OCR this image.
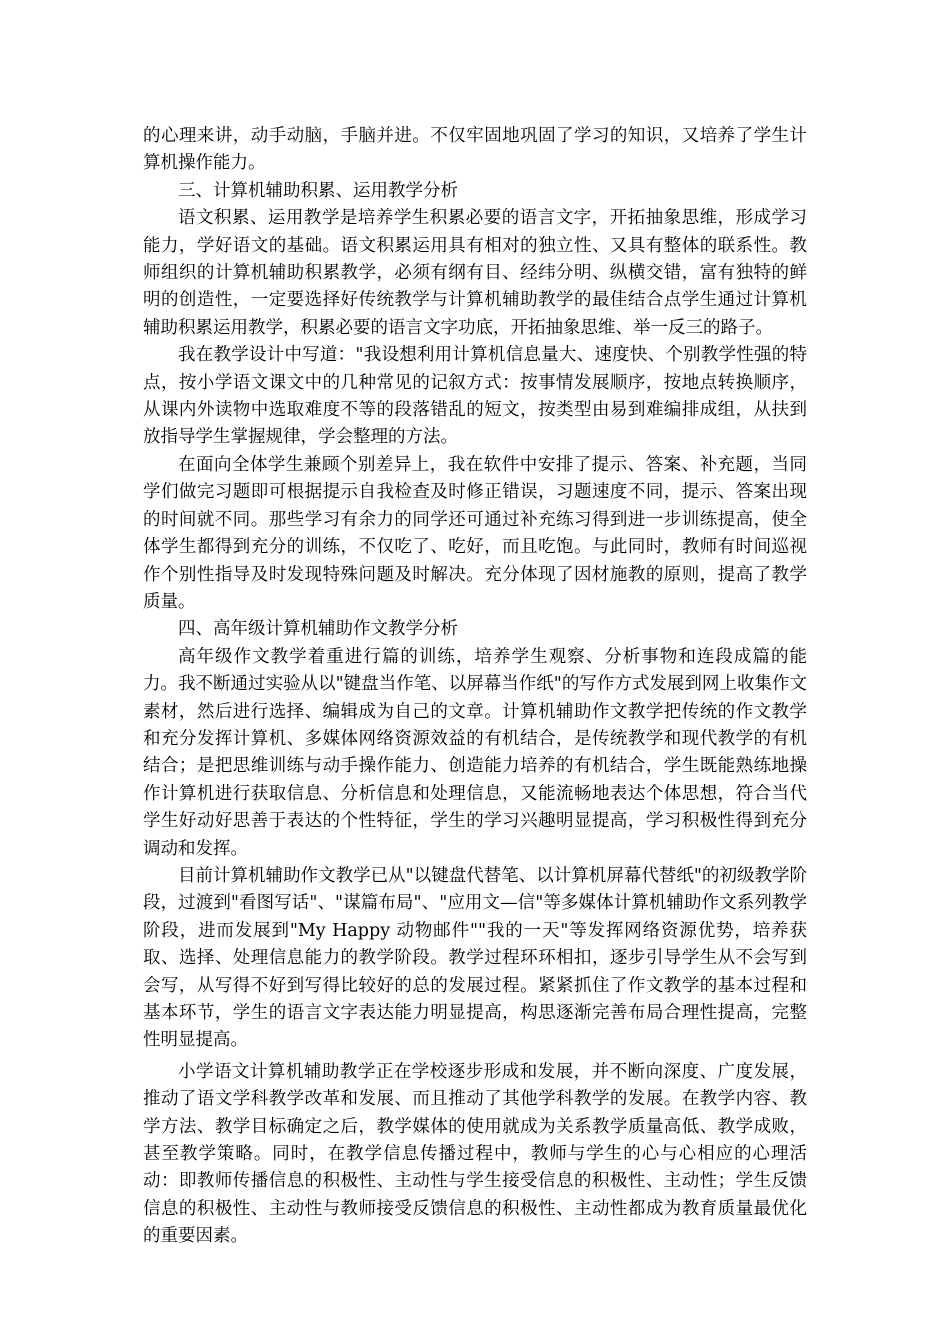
的心理来讲，动手动脑，手脑并进。不仅牢固地巩固了学习的知识，又培养了学生计算机操作能力。

三、计算机辅助积累、运用教学分析

语文积累、运用教学是培养学生积累必要的语言文字，开拓抽象思维，形成学习能力，学好语文的基础。语文积累运用具有相对的独立性、又具有整体的联系性。教师组织的计算机辅助积累教学，必须有纲有目、经纬分明、纵横交错，富有独特的鲜明的创造性，一定要选择好传统教学与计算机辅助教学的最佳结合点学生通过计算机辅助积累运用教学，积累必要的语言文字功底，开拓抽象思维、举一反三的路子。

我在教学设计中写道："我设想利用计算机信息量大、速度快、个别教学性强的特点，按小学语文课文中的几种常见的记叙方式：按事情发展顺序，按地点转换顺序，从课内外读物中选取难度不等的段落错乱的短文，按类型由易到难编排成组，从扶到放指导学生掌握规律，学会整理的方法。

在面向全体学生兼顾个别差异上，我在软件中安排了提示、答案、补充题，当同学们做完习题即可根据提示自我检查及时修正错误，习题速度不同，提示、答案出现的时间就不同。那些学习有余力的同学还可通过补充练习得到进一步训练提高，使全体学生都得到充分的训练，不仅吃了、吃好，而且吃饱。与此同时，教师有时间巡视作个别性指导及时发现特殊问题及时解决。充分体现了因材施教的原则，提高了教学质量。

四、高年级计算机辅助作文教学分析

高年级作文教学着重进行篇的训练，培养学生观察、分析事物和连段成篇的能力。我不断通过实验从以"键盘当作笔、以屏幕当作纸"的写作方式发展到网上收集作文素材，然后进行选择、编辑成为自己的文章。计算机辅助作文教学把传统的作文教学和充分发挥计算机、多媒体网络资源效益的有机结合，是传统教学和现代教学的有机结合；是把思维训练与动手操作能力、创造能力培养的有机结合，学生既能熟练地操作计算机进行获取信息、分析信息和处理信息，又能流畅地表达个体思想，符合当代学生好动好思善于表达的个性特征，学生的学习兴趣明显提高，学习积极性得到充分调动和发挥。

目前计算机辅助作文教学已从"以键盘代替笔、以计算机屏幕代替纸"的初级教学阶段，过渡到"看图写话"、"谋篇布局"、"应用文—信"等多媒体计算机辅助作文系列教学阶段，进而发展到"My Happy 动物邮件""我的一天"等发挥网络资源优势，培养获取、选择、处理信息能力的教学阶段。教学过程环环相扣，逐步引导学生从不会写到会写，从写得不好到写得比较好的总的发展过程。紧紧抓住了作文教学的基本过程和基本环节，学生的语言文字表达能力明显提高，构思逐渐完善布局合理性提高，完整性明显提高。

小学语文计算机辅助教学正在学校逐步形成和发展，并不断向深度、广度发展，推动了语文学科教学改革和发展、而且推动了其他学科教学的发展。在教学内容、教学方法、教学目标确定之后，教学媒体的使用就成为关系教学质量高低、教学成败，甚至教学策略。同时，在教学信息传播过程中，教师与学生的心与心相应的心理活动：即教师传播信息的积极性、主动性与学生接受信息的积极性、主动性；学生反馈信息的积极性、主动性与教师接受反馈信息的积极性、主动性都成为教育质量最优化的重要因素。
